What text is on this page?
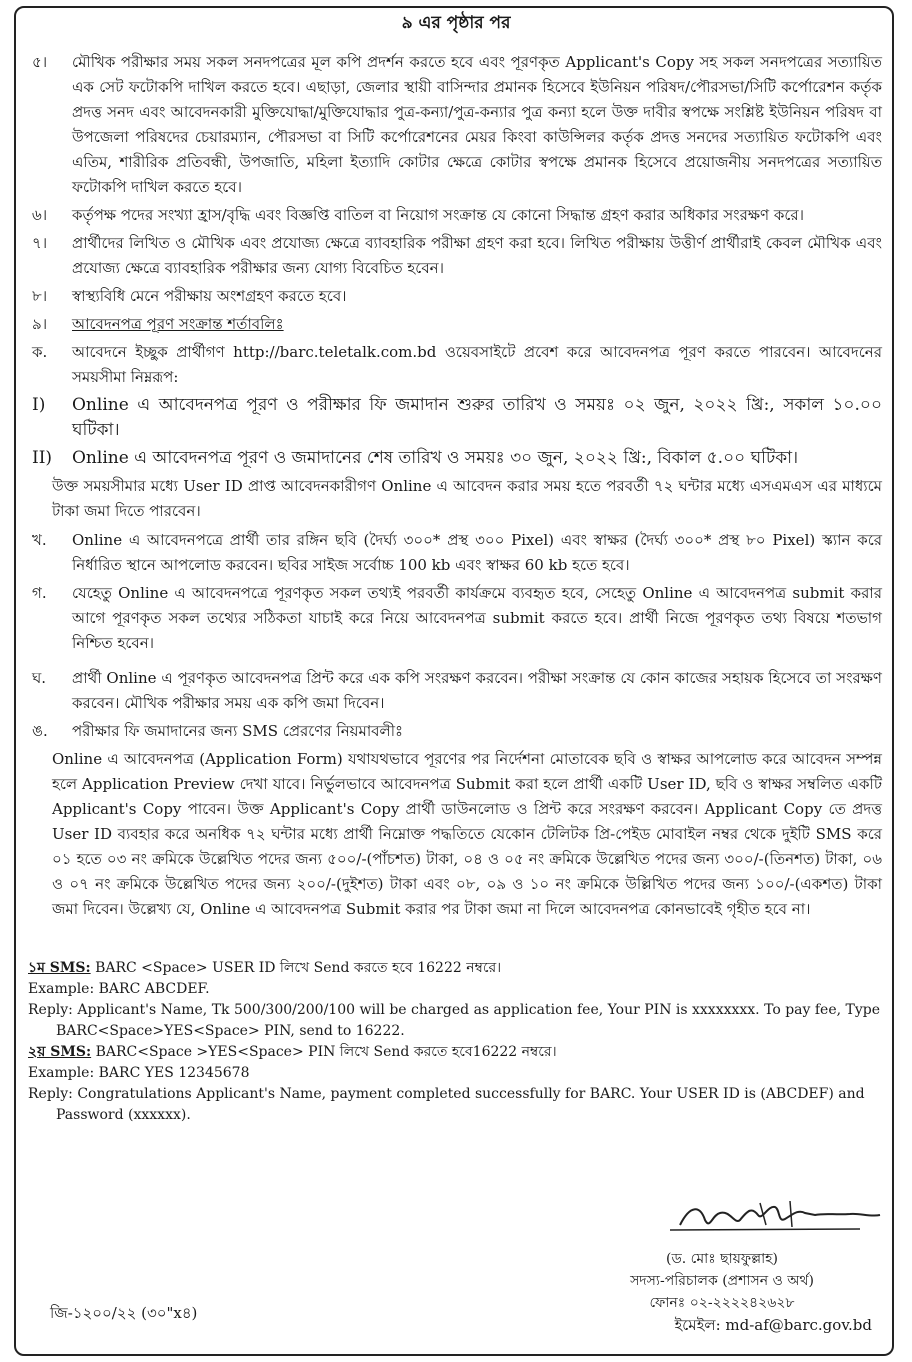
৯ এর পৃষ্ঠার পর
৫।	মৌখিক পরীক্ষার সময় সকল সনদপত্রের মূল কপি প্রদর্শন করতে হবে এবং পূরণকৃত Applicant's Copy সহ সকল সনদপত্রের সত্যায়িত এক সেট ফটোকপি দাখিল করতে হবে। এছাড়া, জেলার স্থায়ী বাসিন্দার প্রমানক হিসেবে ইউনিয়ন পরিষদ/পৌরসভা/সিটি কর্পোরেশন কর্তৃক প্রদত্ত সনদ এবং আবেদনকারী মুক্তিযোদ্ধা/মুক্তিযোদ্ধার পুত্র-কন্যা/পুত্র-কন্যার পুত্র কন্যা হলে উক্ত দাবীর স্বপক্ষে সংশ্লিষ্ট ইউনিয়ন পরিষদ বা উপজেলা পরিষদের চেয়ারম্যান, পৌরসভা বা সিটি কর্পোরেশনের মেয়র কিংবা কাউন্সিলর কর্তৃক প্রদত্ত সনদের সত্যায়িত ফটোকপি এবং এতিম, শারীরিক প্রতিবন্ধী, উপজাতি, মহিলা ইত্যাদি কোটার ক্ষেত্রে কোটার স্বপক্ষে প্রমানক হিসেবে প্রয়োজনীয় সনদপত্রের সত্যায়িত ফটোকপি দাখিল করতে হবে।
৬।	কর্তৃপক্ষ পদের সংখ্যা হ্রাস/বৃদ্ধি এবং বিজ্ঞপ্তি বাতিল বা নিয়োগ সংক্রান্ত যে কোনো সিদ্ধান্ত গ্রহণ করার অধিকার সংরক্ষণ করে।
৭।	প্রার্থীদের লিখিত ও মৌখিক এবং প্রযোজ্য ক্ষেত্রে ব্যাবহারিক পরীক্ষা গ্রহণ করা হবে। লিখিত পরীক্ষায় উত্তীর্ণ প্রার্থীরাই কেবল মৌখিক এবং প্রযোজ্য ক্ষেত্রে ব্যাবহারিক পরীক্ষার জন্য যোগ্য বিবেচিত হবেন।
৮।	স্বাস্থ্যবিধি মেনে পরীক্ষায় অংশগ্রহণ করতে হবে।
৯।	আবেদনপত্র পূরণ সংক্রান্ত শর্তাবলিঃ
ক.	আবেদনে ইচ্ছুক প্রার্থীগণ http://barc.teletalk.com.bd ওয়েবসাইটে প্রবেশ করে আবেদনপত্র পূরণ করতে পারবেন। আবেদনের সময়সীমা নিম্নরূপ:
I)	Online এ আবেদনপত্র পূরণ ও পরীক্ষার ফি জমাদান শুরুর তারিখ ও সময়ঃ ০২ জুন, ২০২২ খ্রি:, সকাল ১০.০০ ঘটিকা।
II)	Online এ আবেদনপত্র পূরণ ও জমাদানের শেষ তারিখ ও সময়ঃ ৩০ জুন, ২০২২ খ্রি:, বিকাল ৫.০০ ঘটিকা।
উক্ত সময়সীমার মধ্যে User ID প্রাপ্ত আবেদনকারীগণ Online এ আবেদন করার সময় হতে পরবর্তী ৭২ ঘন্টার মধ্যে এসএমএস এর মাধ্যমে টাকা জমা দিতে পারবেন।
খ.	Online এ আবেদনপত্রে প্রার্থী তার রঙ্গিন ছবি (দৈর্ঘ্য ৩০০* প্রস্থ ৩০০ Pixel) এবং স্বাক্ষর (দৈর্ঘ্য ৩০০* প্রস্থ ৮০ Pixel) স্ক্যান করে নির্ধারিত স্থানে আপলোড করবেন। ছবির সাইজ সর্বোচ্চ 100 kb এবং স্বাক্ষর 60 kb হতে হবে।
গ.	যেহেতু Online এ আবেদনপত্রে পূরণকৃত সকল তথ্যই পরবর্তী কার্যক্রমে ব্যবহৃত হবে, সেহেতু Online এ আবেদনপত্র submit করার আগে পূরণকৃত সকল তথ্যের সঠিকতা যাচাই করে নিয়ে আবেদনপত্র submit করতে হবে। প্রার্থী নিজে পূরণকৃত তথ্য বিষয়ে শতভাগ নিশ্চিত হবেন।
ঘ.	প্রার্থী Online এ পূরণকৃত আবেদনপত্র প্রিন্ট করে এক কপি সংরক্ষণ করবেন। পরীক্ষা সংক্রান্ত যে কোন কাজের সহায়ক হিসেবে তা সংরক্ষণ করবেন। মৌখিক পরীক্ষার সময় এক কপি জমা দিবেন।
ঙ.	পরীক্ষার ফি জমাদানের জন্য SMS প্রেরণের নিয়মাবলীঃ
Online এ আবেদনপত্র (Application Form) যথাযথভাবে পূরণের পর নির্দেশনা মোতাবেক ছবি ও স্বাক্ষর আপলোড করে আবেদন সম্পন্ন হলে Application Preview দেখা যাবে। নির্ভুলভাবে আবেদনপত্র Submit করা হলে প্রার্থী একটি User ID, ছবি ও স্বাক্ষর সম্বলিত একটি Applicant's Copy পাবেন। উক্ত Applicant's Copy প্রার্থী ডাউনলোড ও প্রিন্ট করে সংরক্ষণ করবেন। Applicant Copy তে প্রদত্ত User ID ব্যবহার করে অনধিক ৭২ ঘন্টার মধ্যে প্রার্থী নিম্নোক্ত পদ্ধতিতে যেকোন টেলিটক প্রি-পেইড মোবাইল নম্বর থেকে দুইটি SMS করে ০১ হতে ০৩ নং ক্রমিকে উল্লেখিত পদের জন্য ৫০০/-(পাঁচশত) টাকা, ০৪ ও ০৫ নং ক্রমিকে উল্লেখিত পদের জন্য ৩০০/-(তিনশত) টাকা, ০৬ ও ০৭ নং ক্রমিকে উল্লেখিত পদের জন্য ২০০/-(দুইশত) টাকা এবং ০৮, ০৯ ও ১০ নং ক্রমিকে উল্লিখিত পদের জন্য ১০০/-(একশত) টাকা জমা দিবেন। উল্লেখ্য যে, Online এ আবেদনপত্র Submit করার পর টাকা জমা না দিলে আবেদনপত্র কোনভাবেই গৃহীত হবে না।
১ম SMS: BARC <Space> USER ID লিখে Send করতে হবে 16222 নম্বরে।
Example: BARC ABCDEF.
Reply: Applicant's Name, Tk 500/300/200/100 will be charged as application fee, Your PIN is xxxxxxxx. To pay fee, Type BARC<Space>YES<Space> PIN, send to 16222.
২য় SMS: BARC<Space >YES<Space> PIN লিখে Send করতে হবে16222 নম্বরে।
Example: BARC YES 12345678
Reply: Congratulations Applicant's Name, payment completed successfully for BARC. Your USER ID is (ABCDEF) and Password (xxxxxx).
(ড. মোঃ ছায়ফুল্লাহ)
সদস্য-পরিচালক (প্রশাসন ও অর্থ)
ফোনঃ ০২-২২২২৪২৬২৮
ইমেইল: md-af@barc.gov.bd
জি-১২০০/২২ (৩০"x৪)
